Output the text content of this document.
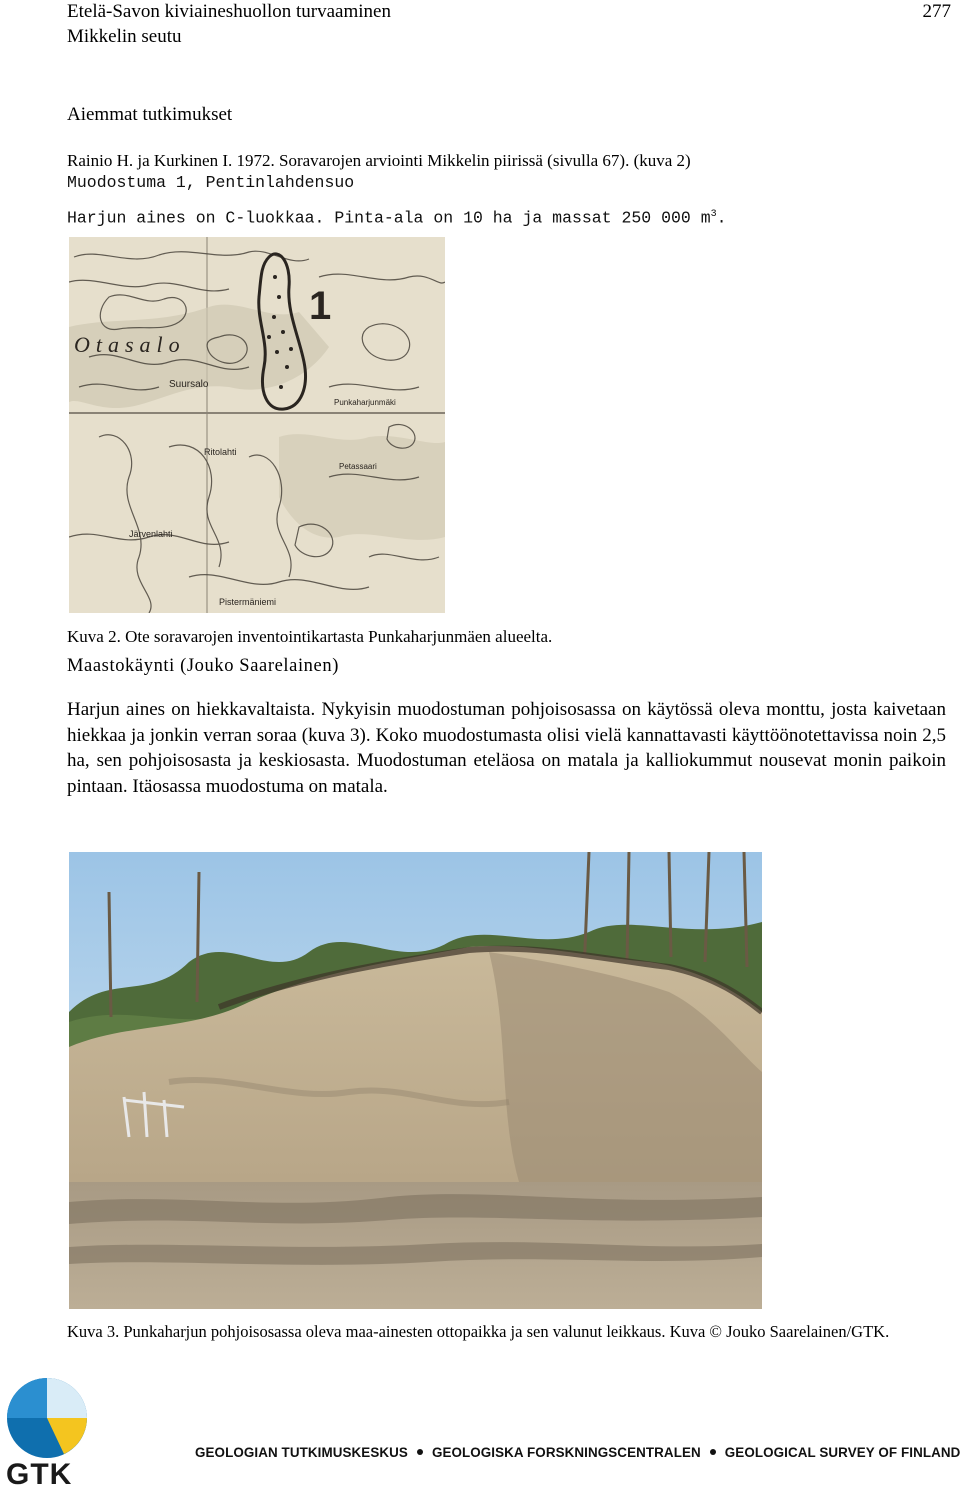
Etelä-Savon kiviaineshuollon turvaaminen
Mikkelin seutu
277
Aiemmat tutkimukset
Rainio H. ja Kurkinen I. 1972. Soravarojen arviointi Mikkelin piirissä (sivulla 67). (kuva 2)
Muodostuma 1, Pentinlahdensuo
Harjun aines on C-luokkaa. Pinta-ala on 10 ha ja massat 250 000 $m^3$.
1
Otasalo
Suursalo
Punkaharjunmäki
Ritolahti
Petassaari
Järvenlahti
Pistermäniemi
Kuva 2. Ote soravarojen inventointikartasta Punkaharjunmäen alueelta.
Maastokäynti (Jouko Saarelainen)

Harjun aines on hiekkavaltaista. Nykyisin muodostuman pohjoisosassa on käytössä oleva monttu, josta kaivetaan hiekkaa ja jonkin verran soraa (kuva 3). Koko muodostumasta olisi vielä kannattavasti käyttöönotettavissa noin 2,5 ha, sen pohjoisosasta ja keskiosasta. Muodostuman eteläosa on matala ja kalliokummut nousevat monin paikoin pintaan. Itäosassa muodostuma on matala.

Kuva 3. Punkaharjun pohjoisosassa oleva maa-ainesten ottopaikka ja sen valunut leikkaus. Kuva © Jouko Saarelainen/GTK.
GTK
GEOLOGIAN TUTKIMUSKESKUS GEOLOGISKA FORSKNINGSCENTRALEN GEOLOGICAL SURVEY OF FINLAND
